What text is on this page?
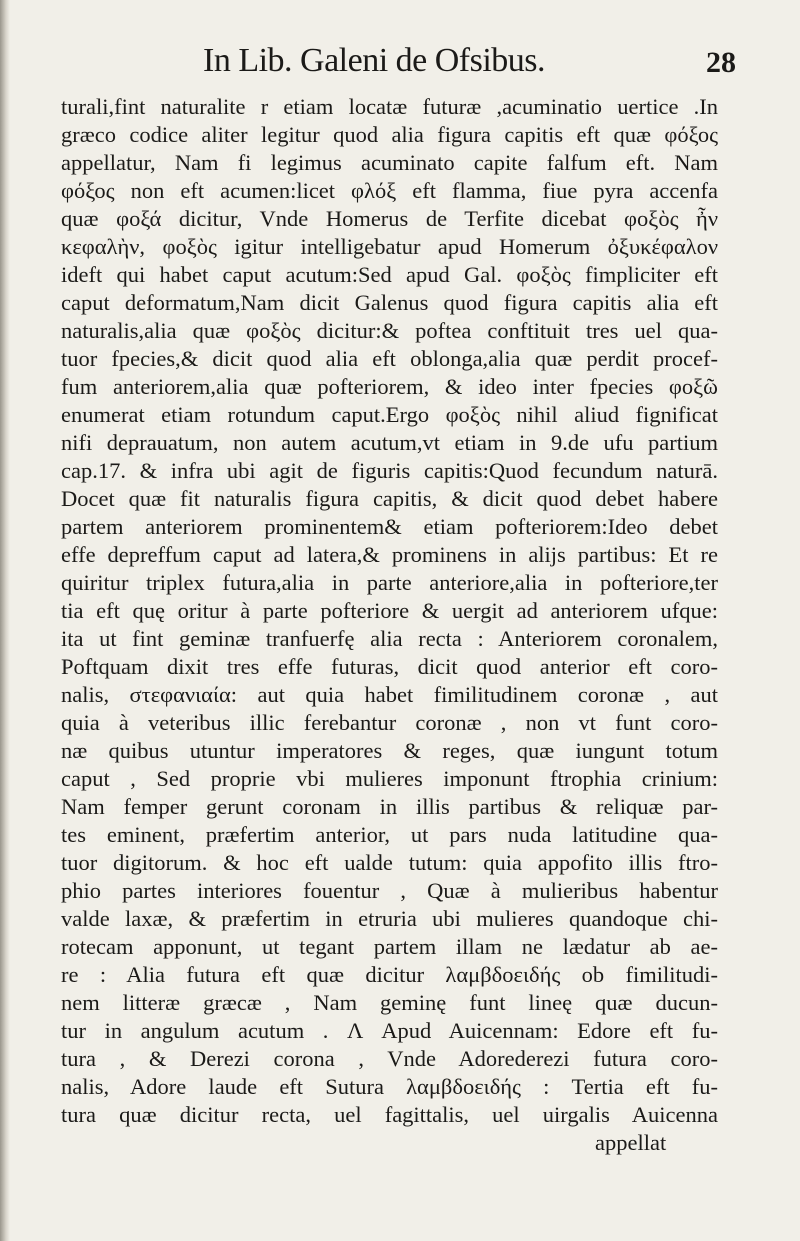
In Lib. Galeni de Ofsibus.	28
turali,fint naturalite r etiam locatæ futuræ ,acuminatio uertice .In
græco codice aliter legitur quod alia figura capitis eft quæ φόξος
appellatur, Nam fi legimus acuminato capite falfum eft. Nam
φόξος non eft acumen:licet φλόξ eft flamma, fiue pyra accenfa
quæ φοξά dicitur, Vnde Homerus de Terfite dicebat φοξὸς ἦν
κεφαλὴν, φοξὸς igitur intelligebatur apud Homerum ὀξυκέφαλον
ideft qui habet caput acutum:Sed apud Gal. φοξὸς fimpliciter eft
caput deformatum,Nam dicit Galenus quod figura capitis alia eft
naturalis,alia quæ φοξὸς dicitur:& poftea conftituit tres uel qua-
tuor fpecies,& dicit quod alia eft oblonga,alia quæ perdit procef-
fum anteriorem,alia quæ pofteriorem, & ideo inter fpecies φοξῶ
enumerat etiam rotundum caput.Ergo φοξὸς nihil aliud fignificat
nifi deprauatum, non autem acutum,vt etiam in 9.de ufu partium
cap.17. & infra ubi agit de figuris capitis:Quod fecundum naturā.
Docet quæ fit naturalis figura capitis, & dicit quod debet habere
partem anteriorem prominentem& etiam pofteriorem:Ideo debet
effe depreffum caput ad latera,& prominens in alijs partibus: Et re
quiritur triplex futura,alia in parte anteriore,alia in pofteriore,ter
tia eft quę oritur à parte pofteriore & uergit ad anteriorem ufque:
ita ut fint geminæ tranfuerfę alia recta : Anteriorem coronalem,
Poftquam dixit tres effe futuras, dicit quod anterior eft coro-
nalis, στεφανιαία: aut quia habet fimilitudinem coronæ , aut
quia à veteribus illic ferebantur coronæ , non vt funt coro-
næ quibus utuntur imperatores & reges, quæ iungunt totum
caput , Sed proprie vbi mulieres imponunt ftrophia crinium:
Nam femper gerunt coronam in illis partibus & reliquæ par-
tes eminent, præfertim anterior, ut pars nuda latitudine qua-
tuor digitorum. & hoc eft ualde tutum: quia appofito illis ftro-
phio partes interiores fouentur , Quæ à mulieribus habentur
valde laxæ, & præfertim in etruria ubi mulieres quandoque chi-
rotecam apponunt, ut tegant partem illam ne lædatur ab ae-
re : Alia futura eft quæ dicitur λαμβδοειδής ob fimilitudi-
nem litteræ græcæ , Nam geminę funt lineę quæ ducun-
tur in angulum acutum . Λ Apud Auicennam: Edore eft fu-
tura , & Derezi corona , Vnde Adorederezi futura coro-
nalis, Adore laude eft Sutura λαμβδοειδής : Tertia eft fu-
tura quæ dicitur recta, uel fagittalis, uel uirgalis Auicenna
appellat
